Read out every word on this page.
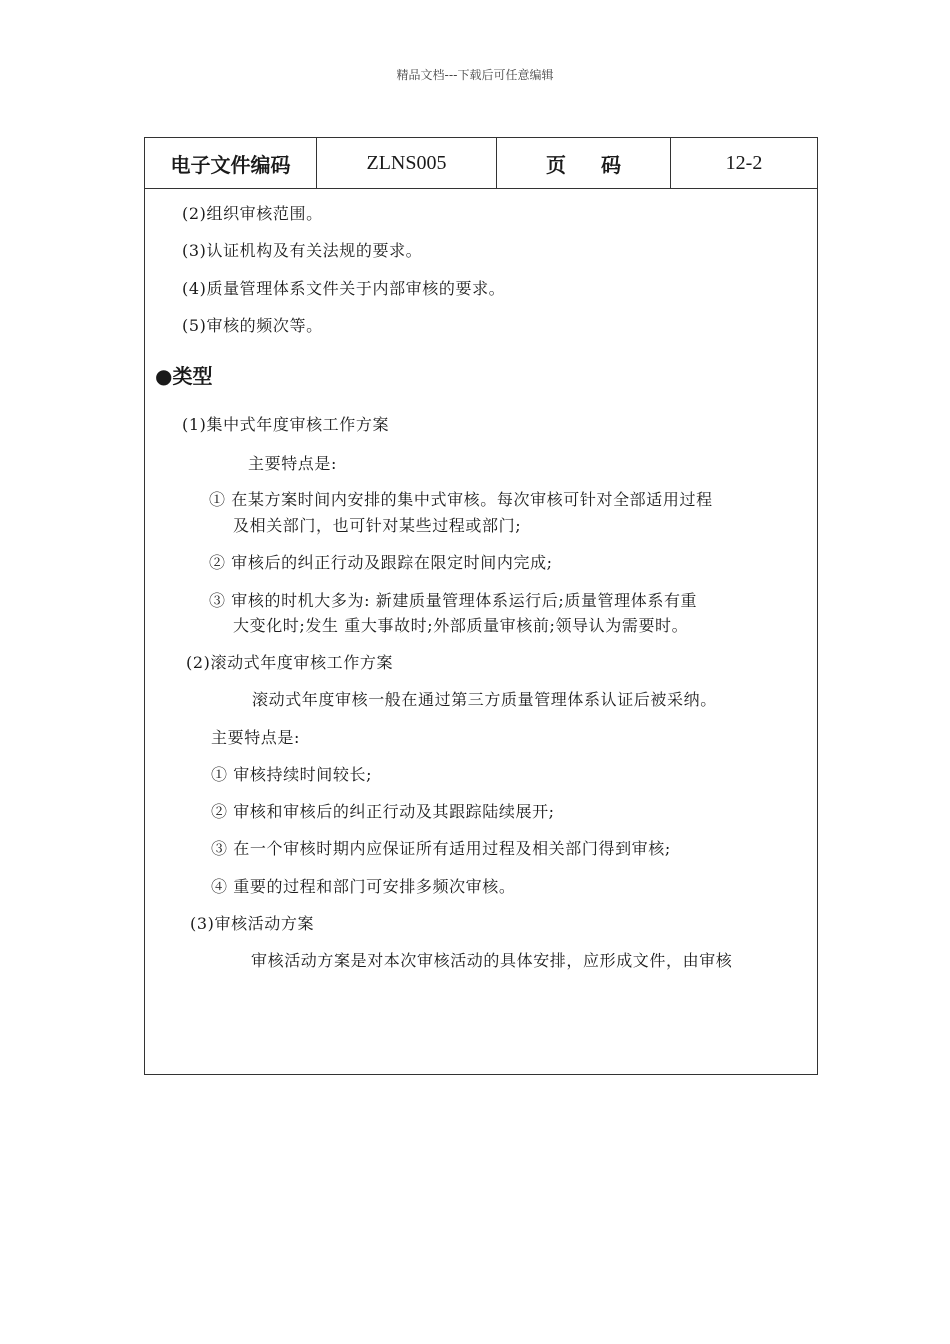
精品文档---下载后可任意编辑
电子文件编码	ZLNS005	页 码	12-2
(2)组织审核范围。
(3)认证机构及有关法规的要求。
(4)质量管理体系文件关于内部审核的要求。
(5)审核的频次等。
●类型
(1)集中式年度审核工作方案
主要特点是:
① 在某方案时间内安排的集中式审核。每次审核可针对全部适用过程
及相关部门，也可针对某些过程或部门;
② 审核后的纠正行动及跟踪在限定时间内完成;
③ 审核的时机大多为: 新建质量管理体系运行后;质量管理体系有重
大变化时;发生 重大事故时;外部质量审核前;领导认为需要时。
(2)滚动式年度审核工作方案
滚动式年度审核一般在通过第三方质量管理体系认证后被采纳。
主要特点是:
① 审核持续时间较长;
② 审核和审核后的纠正行动及其跟踪陆续展开;
③ 在一个审核时期内应保证所有适用过程及相关部门得到审核;
④ 重要的过程和部门可安排多频次审核。
(3)审核活动方案
审核活动方案是对本次审核活动的具体安排，应形成文件，由审核
